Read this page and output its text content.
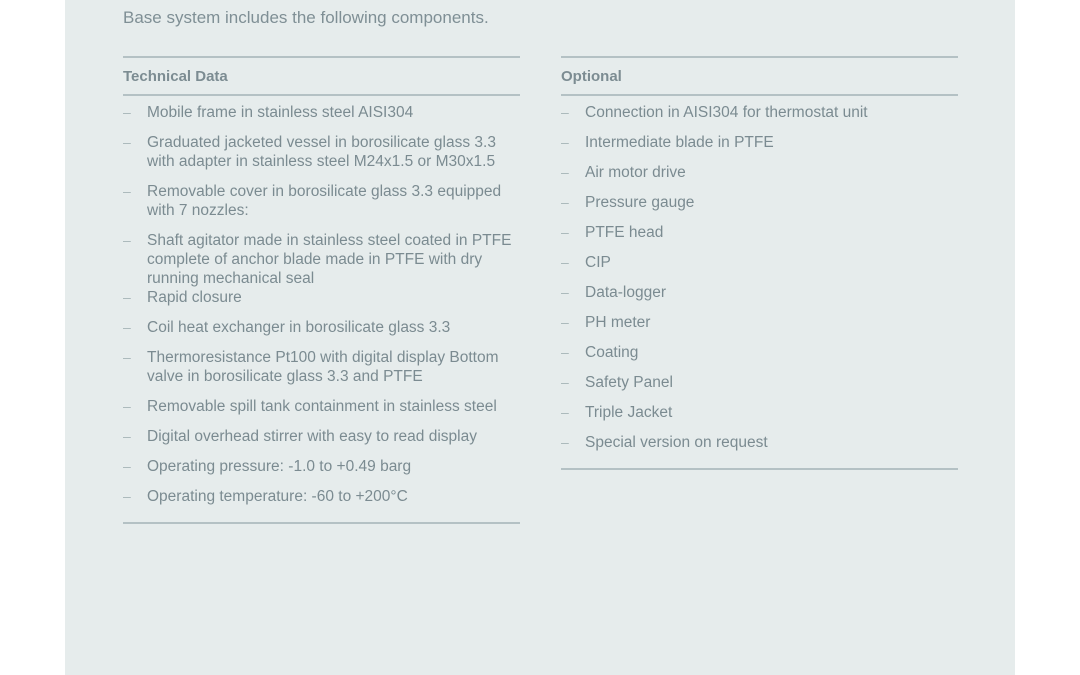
Base system includes the following components.

Technical Data
– Mobile frame in stainless steel AISI304
– Graduated jacketed vessel in borosilicate glass 3.3 with adapter in stainless steel M24x1.5 or M30x1.5
– Removable cover in borosilicate glass 3.3 equipped with 7 nozzles:
– Shaft agitator made in stainless steel coated in PTFE complete of anchor blade made in PTFE with dry running mechanical seal
– Rapid closure
– Coil heat exchanger in borosilicate glass 3.3
– Thermoresistance Pt100 with digital display Bottom valve in borosilicate glass 3.3 and PTFE
– Removable spill tank containment in stainless steel
– Digital overhead stirrer with easy to read display
– Operating pressure: -1.0 to +0.49 barg
– Operating temperature: -60 to +200°C
Optional
– Connection in AISI304 for thermostat unit
– Intermediate blade in PTFE
– Air motor drive
– Pressure gauge
– PTFE head
– CIP
– Data-logger
– PH meter
– Coating
– Safety Panel
– Triple Jacket
– Special version on request
